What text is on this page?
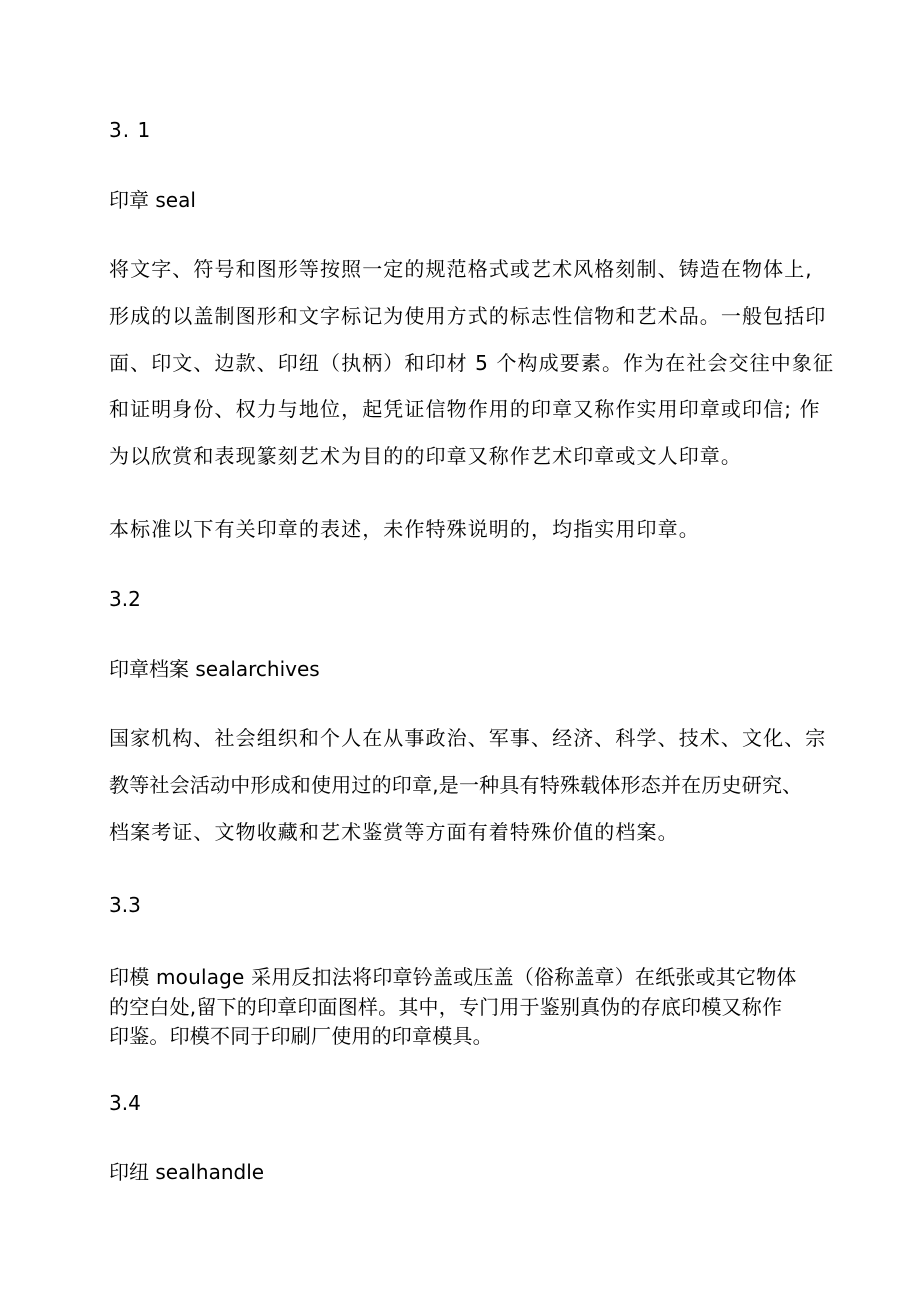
3. 1
印章 seal
将文字、符号和图形等按照一定的规范格式或艺术风格刻制、铸造在物体上,
形成的以盖制图形和文字标记为使用方式的标志性信物和艺术品。一般包括印
面、印文、边款、印纽（执柄）和印材 5 个构成要素。作为在社会交往中象征
和证明身份、权力与地位，起凭证信物作用的印章又称作实用印章或印信; 作
为以欣赏和表现篆刻艺术为目的的印章又称作艺术印章或文人印章。
本标准以下有关印章的表述，未作特殊说明的，均指实用印章。
3.2
印章档案 sealarchives
国家机构、社会组织和个人在从事政治、军事、经济、科学、技术、文化、宗
教等社会活动中形成和使用过的印章,是一种具有特殊载体形态并在历史研究、
档案考证、文物收藏和艺术鉴赏等方面有着特殊价值的档案。
3.3
印模 moulage 采用反扣法将印章钤盖或压盖（俗称盖章）在纸张或其它物体
的空白处,留下的印章印面图样。其中，专门用于鉴别真伪的存底印模又称作
印鉴。印模不同于印刷厂使用的印章模具。
3.4
印纽 sealhandle
